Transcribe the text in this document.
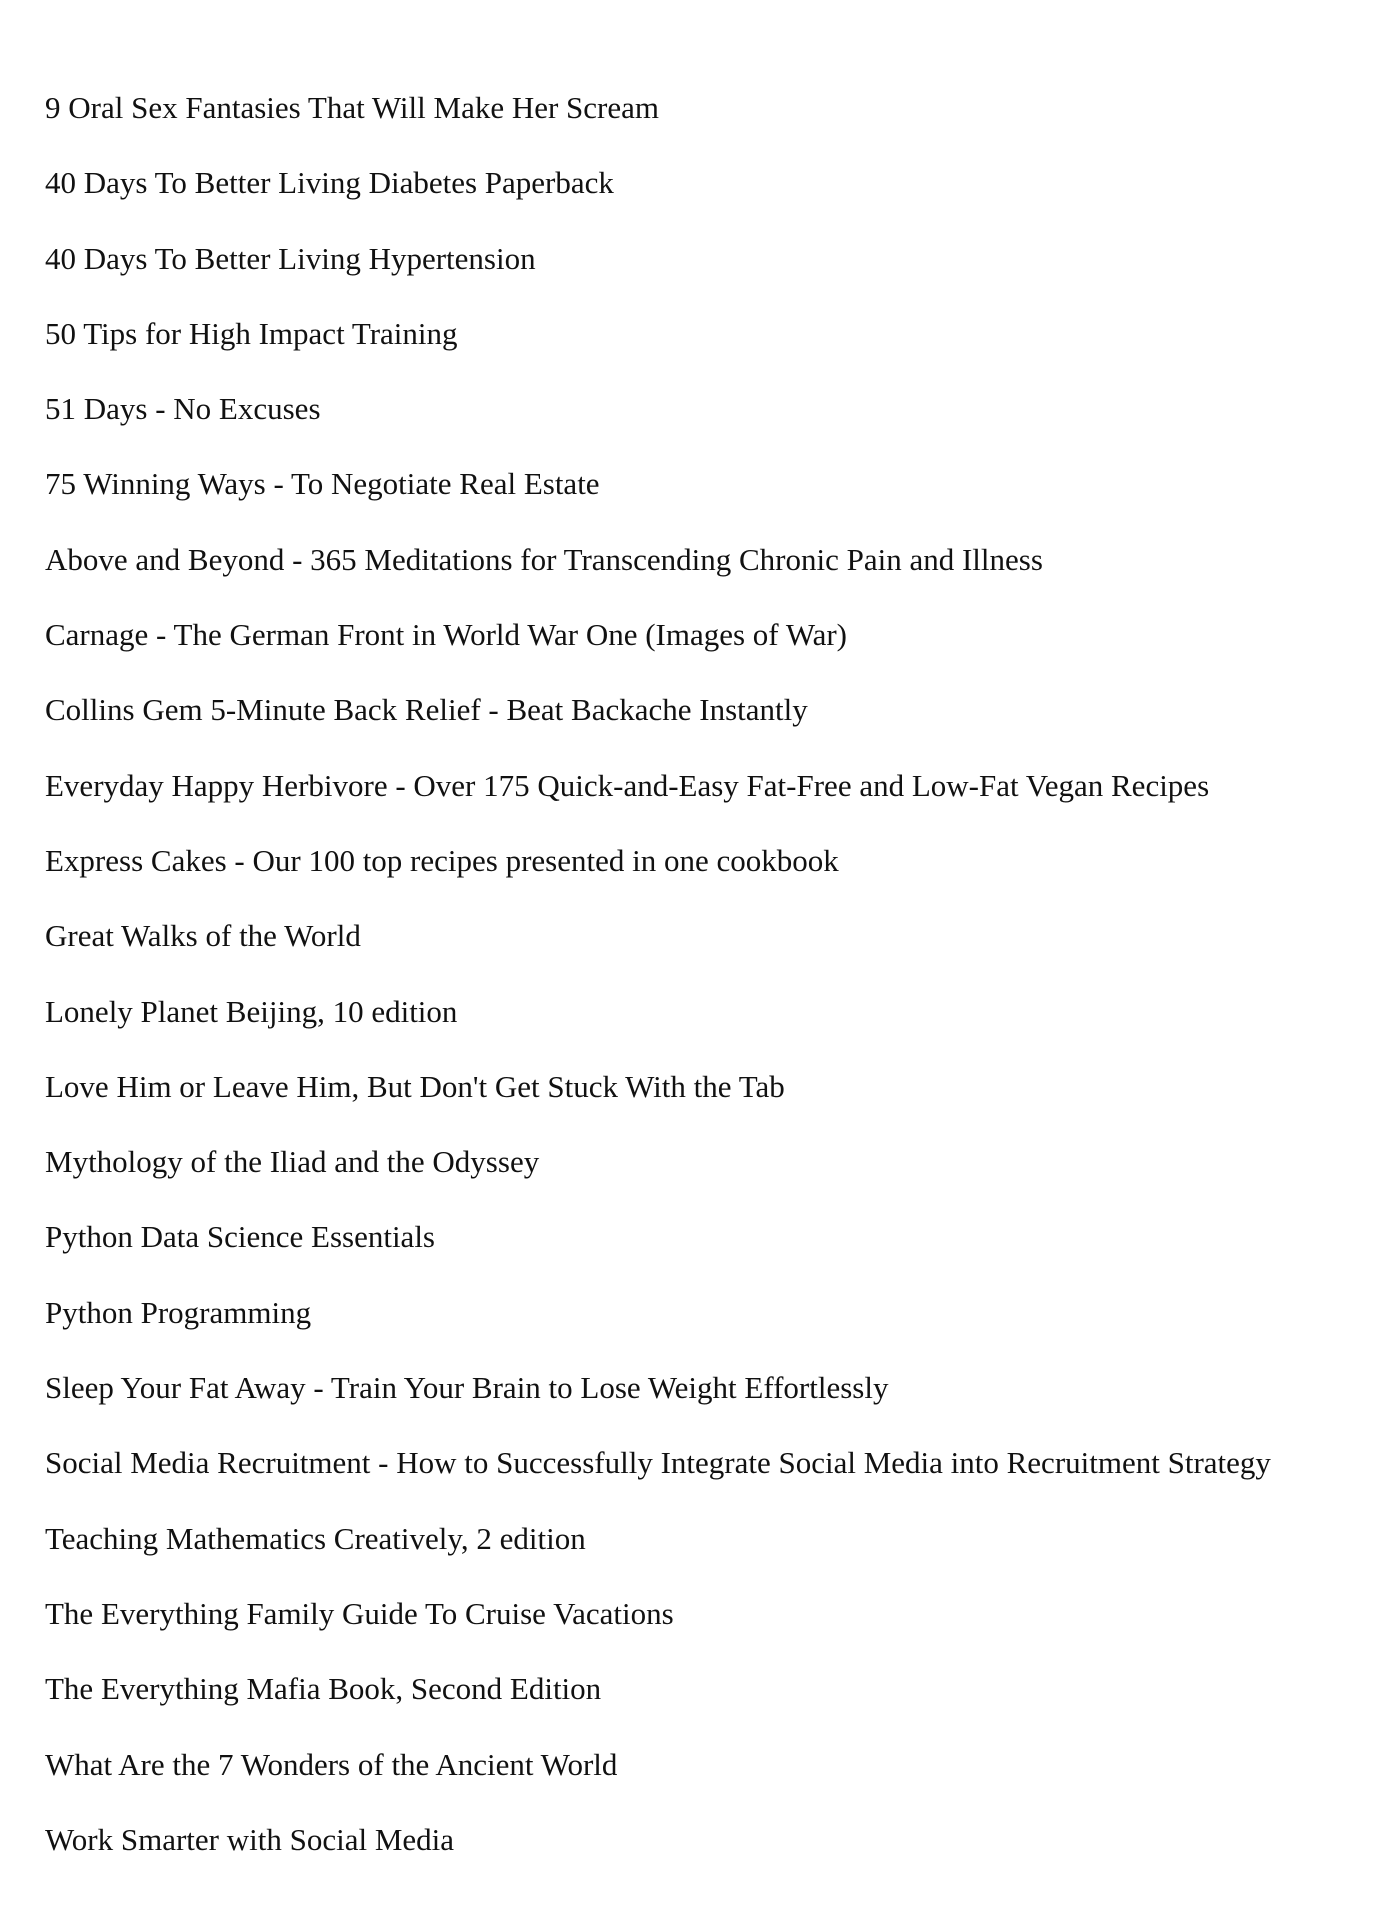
9 Oral Sex Fantasies That Will Make Her Scream
40 Days To Better Living Diabetes Paperback
40 Days To Better Living Hypertension
50 Tips for High Impact Training
51 Days - No Excuses
75 Winning Ways - To Negotiate Real Estate
Above and Beyond - 365 Meditations for Transcending Chronic Pain and Illness
Carnage - The German Front in World War One (Images of War)
Collins Gem 5-Minute Back Relief - Beat Backache Instantly
Everyday Happy Herbivore - Over 175 Quick-and-Easy Fat-Free and Low-Fat Vegan Recipes
Express Cakes - Our 100 top recipes presented in one cookbook
Great Walks of the World
Lonely Planet Beijing, 10 edition
Love Him or Leave Him, But Don't Get Stuck With the Tab
Mythology of the Iliad and the Odyssey
Python Data Science Essentials
Python Programming
Sleep Your Fat Away - Train Your Brain to Lose Weight Effortlessly
Social Media Recruitment - How to Successfully Integrate Social Media into Recruitment Strategy
Teaching Mathematics Creatively, 2 edition
The Everything Family Guide To Cruise Vacations
The Everything Mafia Book, Second Edition
What Are the 7 Wonders of the Ancient World
Work Smarter with Social Media
